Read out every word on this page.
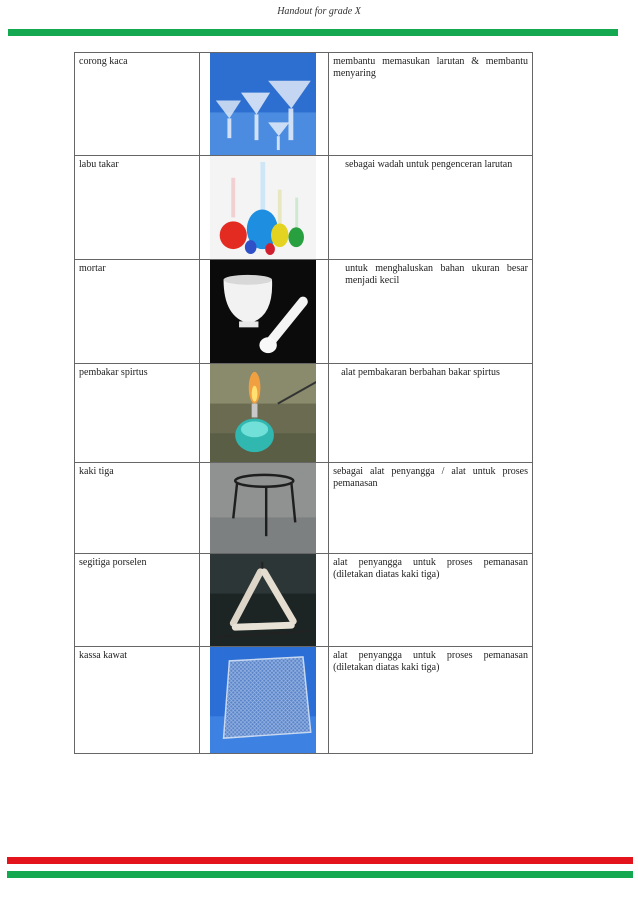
Handout for grade X
corong kaca		membantu memasukan larutan & membantu menyaring

labu takar		sebagai wadah untuk pengenceran larutan

mortar		untuk menghaluskan bahan ukuran besar menjadi kecil

pembakar spirtus		alat pembakaran berbahan bakar spirtus

kaki tiga		sebagai alat penyangga / alat untuk proses pemanasan

segitiga porselen		alat penyangga untuk proses pemanasan
(diletakan diatas kaki tiga)

kassa kawat		alat penyangga untuk proses pemanasan
(diletakan diatas kaki tiga)
